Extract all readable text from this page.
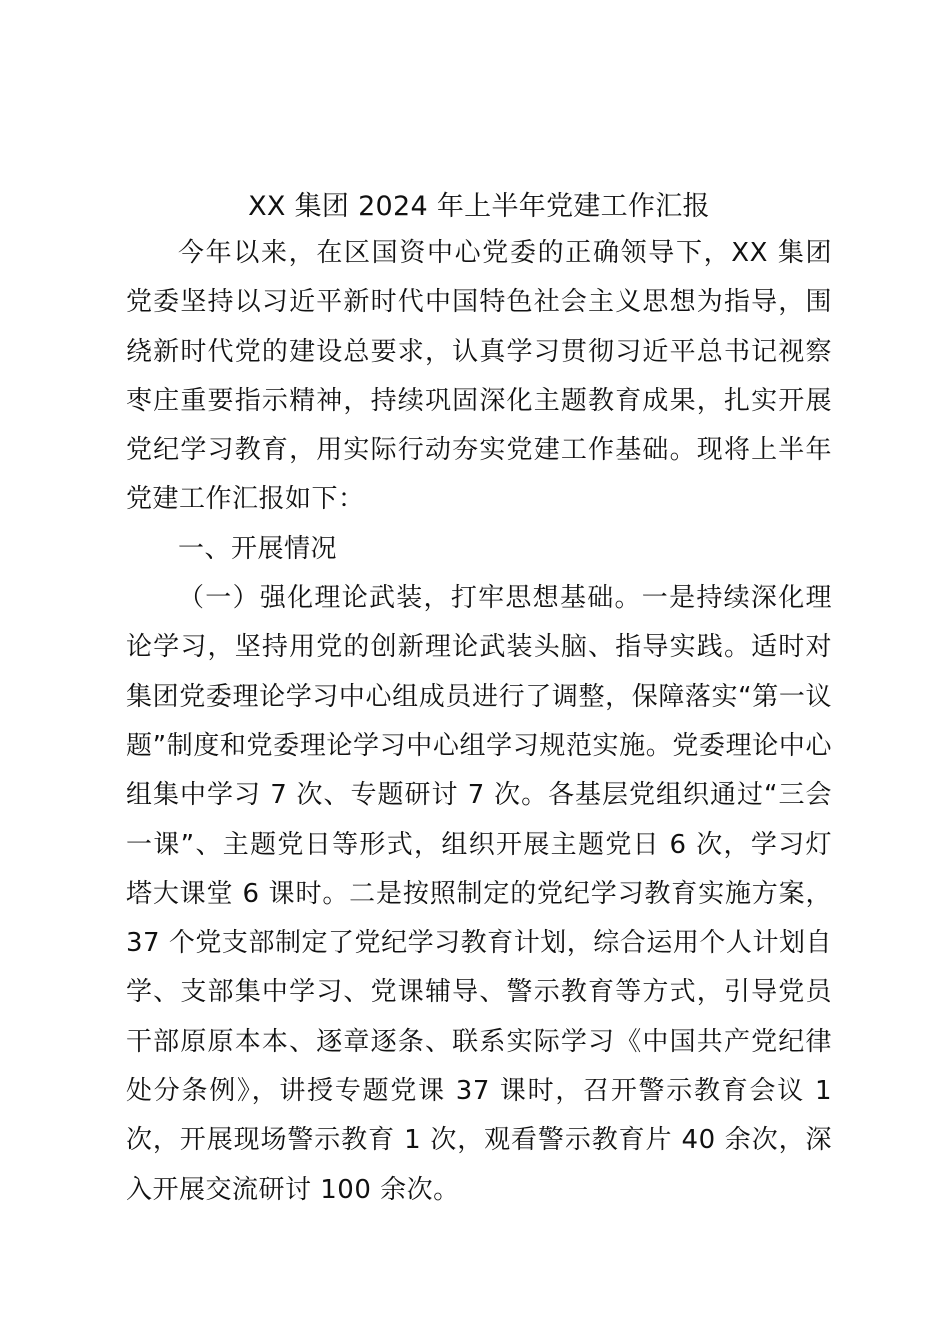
XX 集团 2024 年上半年党建工作汇报

今年以来，在区国资中心党委的正确领导下，XX 集团党委坚持以习近平新时代中国特色社会主义思想为指导，围绕新时代党的建设总要求，认真学习贯彻习近平总书记视察枣庄重要指示精神，持续巩固深化主题教育成果，扎实开展党纪学习教育，用实际行动夯实党建工作基础。现将上半年党建工作汇报如下：

一、开展情况

（一）强化理论武装，打牢思想基础。一是持续深化理论学习，坚持用党的创新理论武装头脑、指导实践。适时对集团党委理论学习中心组成员进行了调整，保障落实“第一议题”制度和党委理论学习中心组学习规范实施。党委理论中心组集中学习 7 次、专题研讨 7 次。各基层党组织通过“三会一课”、主题党日等形式，组织开展主题党日 6 次，学习灯塔大课堂 6 课时。二是按照制定的党纪学习教育实施方案，37 个党支部制定了党纪学习教育计划，综合运用个人计划自学、支部集中学习、党课辅导、警示教育等方式，引导党员干部原原本本、逐章逐条、联系实际学习《中国共产党纪律处分条例》，讲授专题党课 37 课时，召开警示教育会议 1 次，开展现场警示教育 1 次，观看警示教育片 40 余次，深入开展交流研讨 100 余次。
